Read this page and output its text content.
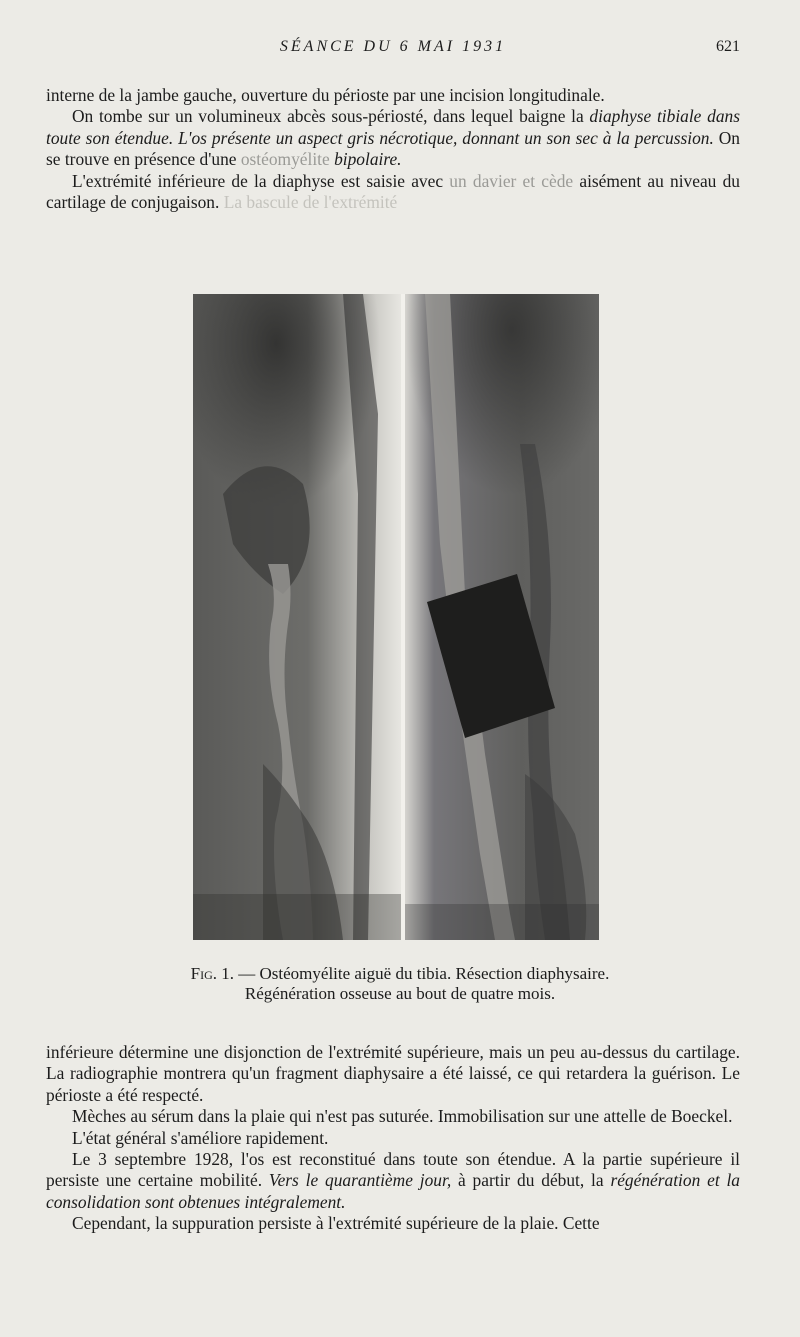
SÉANCE DU 6 MAI 1931	621

interne de la jambe gauche, ouverture du périoste par une incision longitudinale.

On tombe sur un volumineux abcès sous-périosté, dans lequel baigne la diaphyse tibiale dans toute son étendue. L'os présente un aspect gris nécrotique, donnant un son sec à la percussion. On se trouve en présence d'une ostéomyélite bipolaire.

L'extrémité inférieure de la diaphyse est saisie avec un davier et cède aisément au niveau du cartilage de conjugaison. La bascule de l'extrémité

Fig. 1. — Ostéomyélite aiguë du tibia. Résection diaphysaire.
Régénération osseuse au bout de quatre mois.

inférieure détermine une disjonction de l'extrémité supérieure, mais un peu au-dessus du cartilage. La radiographie montrera qu'un fragment diaphysaire a été laissé, ce qui retardera la guérison. Le périoste a été respecté.

Mèches au sérum dans la plaie qui n'est pas suturée. Immobilisation sur une attelle de Boeckel.

L'état général s'améliore rapidement.

Le 3 septembre 1928, l'os est reconstitué dans toute son étendue. A la partie supérieure il persiste une certaine mobilité. Vers le quarantième jour, à partir du début, la régénération et la consolidation sont obtenues intégralement.

Cependant, la suppuration persiste à l'extrémité supérieure de la plaie. Cette
